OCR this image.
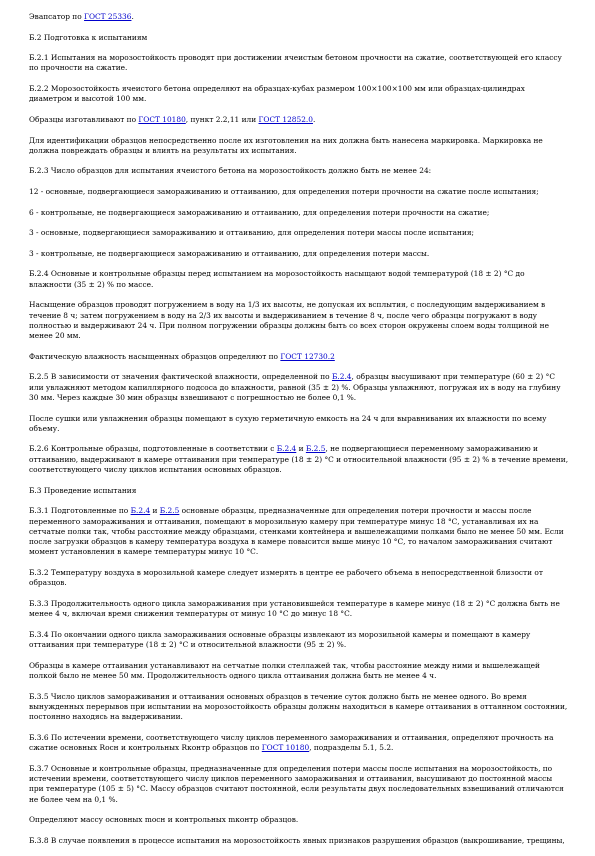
Эвапсатор по ГОСТ 25336.

Б.2 Подготовка к испытаниям

Б.2.1 Испытания на морозостойкость проводят при достижении ячеистым бетоном прочности на сжатие, соответствующей его классу по прочности на сжатие.

Б.2.2 Морозостойкость ячеистого бетона определяют на образцах-кубах размером 100×100×100 мм или образцах-цилиндрах диаметром и высотой 100 мм.

Образцы изготавливают по ГОСТ 10180, пункт 2.2,11 или ГОСТ 12852.0.

Для идентификации образцов непосредственно после их изготовления на них должна быть нанесена маркировка. Маркировка не должна повреждать образцы и влиять на результаты их испытания.

Б.2.3 Число образцов для испытания ячеистого бетона на морозостойкость должно быть не менее 24:

12 - основные, подвергающиеся замораживанию и оттаиванию, для определения потери прочности на сжатие после испытания;

6 - контрольные, не подвергающиеся замораживанию и оттаиванию, для определения потери прочности на сжатие;

3 - основные, подвергающиеся замораживанию и оттаиванию, для определения потери массы после испытания;

3 - контрольные, не подвергающиеся замораживанию и оттаиванию, для определения потери массы.

Б.2.4 Основные и контрольные образцы перед испытанием на морозостойкость насыщают водой температурой (18 ± 2) °С до влажности (35 ± 2) % по массе.

Насыщение образцов проводят погружением в воду на 1/3 их высоты, не допуская их всплытия, с последующим выдерживанием в течение 8 ч; затем погружением в воду на 2/3 их высоты и выдерживанием в течение 8 ч, после чего образцы погружают в воду полностью и выдерживают 24 ч. При полном погружении образцы должны быть со всех сторон окружены слоем воды толщиной не менее 20 мм.

Фактическую влажность насыщенных образцов определяют по ГОСТ 12730.2

Б.2.5 В зависимости от значения фактической влажности, определенной по Б.2.4, образцы высушивают при температуре (60 ± 2) °С или увлажняют методом капиллярного подсоса до влажности, равной (35 ± 2) %. Образцы увлажняют, погружая их в воду на глубину 30 мм. Через каждые 30 мин образцы взвешивают с погрешностью не более 0,1 %.

После сушки или увлажнения образцы помещают в сухую герметичную емкость на 24 ч для выравнивания их влажности по всему объему.

Б.2.6 Контрольные образцы, подготовленные в соответствии с Б.2.4 и Б.2.5, не подвергающиеся переменному замораживанию и оттаиванию, выдерживают в камере оттаивания при температуре (18 ± 2) °С и относительной влажности (95 ± 2) % в течение времени, соответствующего числу циклов испытания основных образцов.

Б.3 Проведение испытания

Б.3.1 Подготовленные по Б.2.4 и Б.2.5 основные образцы, предназначенные для определения потери прочности и массы после переменного замораживания и оттаивания, помещают в морозильную камеру при температуре минус 18 °С, устанавливая их на сетчатые полки так, чтобы расстояние между образцами, стенками контейнера и вышележащими полками было не менее 50 мм. Если после загрузки образцов в камеру температура воздуха в камере повысится выше минус 10 °С, то началом замораживания считают момент установления в камере температуры минус 10 °С.

Б.3.2 Температуру воздуха в морозильной камере следует измерять в центре ее рабочего объема в непосредственной близости от образцов.

Б.3.3 Продолжительность одного цикла замораживания при установившейся температуре в камере минус (18 ± 2) °С должна быть не менее 4 ч, включая время снижения температуры от минус 10 °С до минус 18 °С.

Б.3.4 По окончании одного цикла замораживания основные образцы извлекают из морозильной камеры и помещают в камеру оттаивания при температуре (18 ± 2) °С и относительной влажности (95 ± 2) %.

Образцы в камере оттаивания устанавливают на сетчатые полки стеллажей так, чтобы расстояние между ними и вышележащей полкой было не менее 50 мм. Продолжительность одного цикла оттаивания должна быть не менее 4 ч.

Б.3.5 Число циклов замораживания и оттаивания основных образцов в течение суток должно быть не менее одного. Во время вынужденных перерывов при испытании на морозостойкость образцы должны находиться в камере оттаивания в оттаянном состоянии, постоянно находясь на выдерживании.

Б.3.6 По истечении времени, соответствующего числу циклов переменного замораживания и оттаивания, определяют прочность на сжатие основных Rосн и контрольных Rконтр образцов по ГОСТ 10180, подразделы 5.1, 5.2.

Б.3.7 Основные и контрольные образцы, предназначенные для определения потери массы после испытания на морозостойкость, по истечении времени, соответствующего числу циклов переменного замораживания и оттаивания, высушивают до постоянной массы при температуре (105 ± 5) °С. Массу образцов считают постоянной, если результаты двух последовательных взвешиваний отличаются не более чем на 0,1 %.

Определяют массу основных mосн и контрольных mконтр образцов.

Б.3.8 В случае появления в процессе испытания на морозостойкость явных признаков разрушения образцов (выкрошивание, трещины,
